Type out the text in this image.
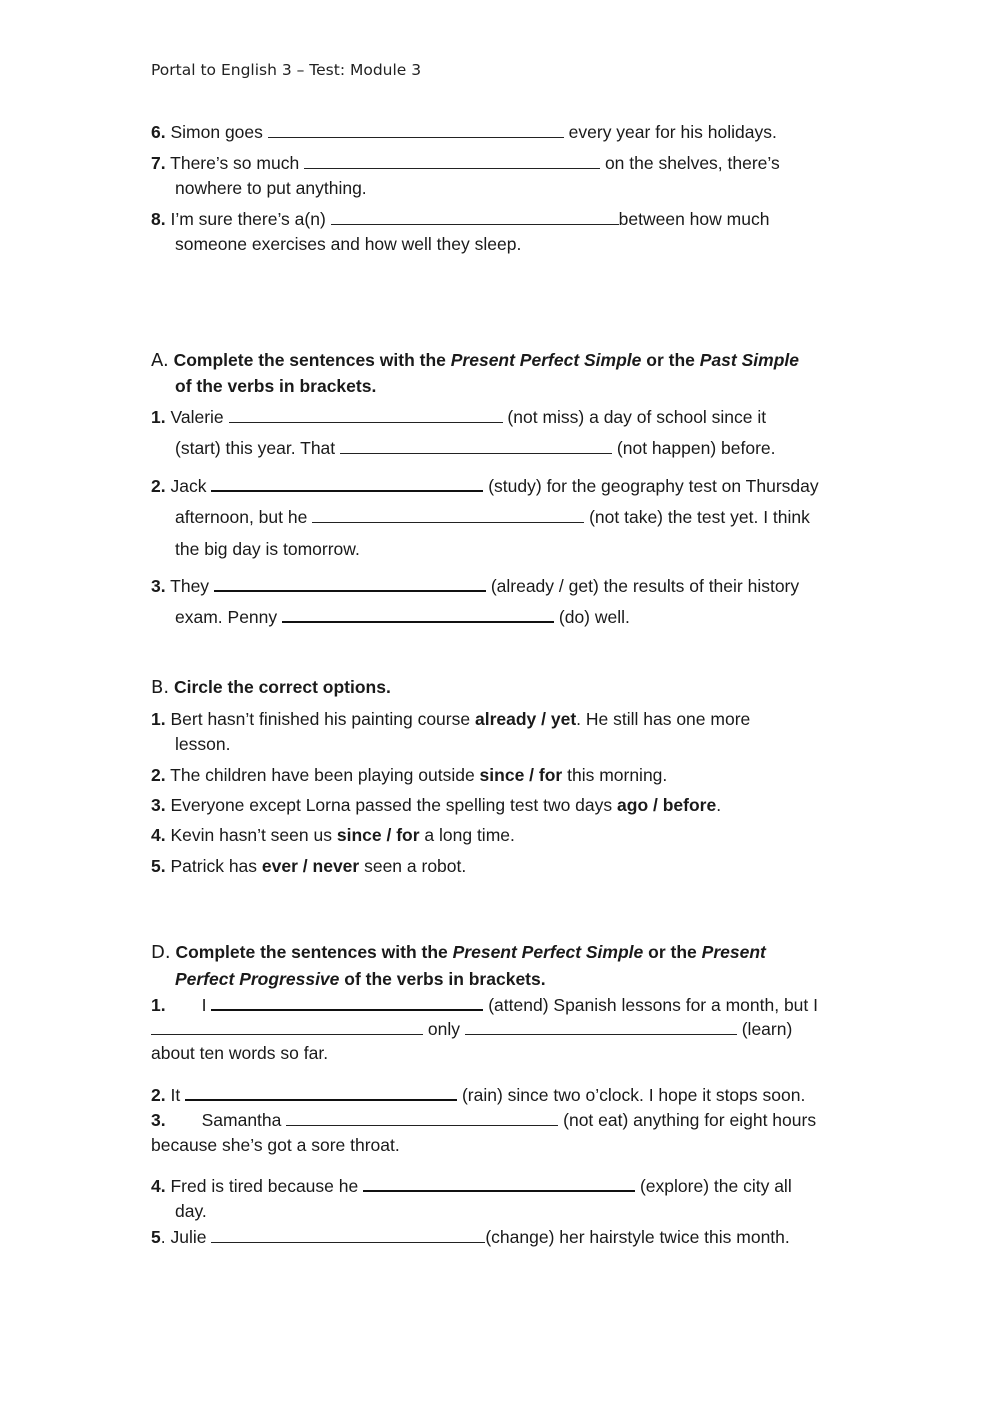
Portal to English 3 – Test: Module 3
6. Simon goes	every year for his holidays.
7. There’s so much	on the shelves, there’s
nowhere to put anything.
8. I’m sure there’s a(n)	between how much
someone exercises and how well they sleep.
A. Complete the sentences with the Present Perfect Simple or the Past Simple
of the verbs in brackets.
1. Valerie	(not miss) a day of school since it
(start) this year. That	(not happen) before.
2. Jack	(study) for the geography test on Thursday
afternoon, but he	(not take) the test yet. I think
the big day is tomorrow.
3. They	(already / get) the results of their history
exam. Penny	(do) well.
B. Circle the correct options.
1. Bert hasn’t finished his painting course already / yet. He still has one more
lesson.
2. The children have been playing outside since / for this morning.
3. Everyone except Lorna passed the spelling test two days ago / before.
4. Kevin hasn’t seen us since / for a long time.
5. Patrick has ever / never seen a robot.
D. Complete the sentences with the Present Perfect Simple or the Present
Perfect Progressive of the verbs in brackets.
1. I	(attend) Spanish lessons for a month, but I
only	(learn)
about ten words so far.
2. It	(rain) since two o’clock. I hope it stops soon.
3. Samantha	(not eat) anything for eight hours
because she’s got a sore throat.
4. Fred is tired because he	(explore) the city all
day.
5. Julie	(change) her hairstyle twice this month.
